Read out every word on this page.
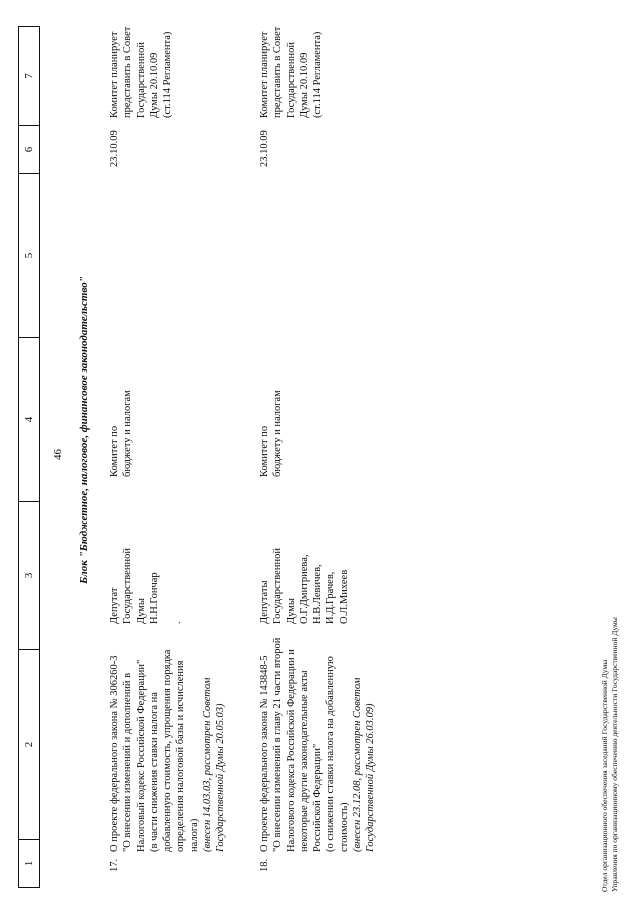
1
2
3
4
5
6
7
46 Блок "Бюджетное, налоговое, финансовое законодательство"
17.
О проекте федерального закона № 306260-3 "О внесении изменений и дополнений в Налоговый кодекс Российской Федерации" (в части снижения ставки налога на добавленную стоимость, упрощения порядка определения налоговой базы и исчисления налога) (внесен 14.03.03, рассмотрен Советом Государственной Думы 20.05.03)
Депутат Государственной Думы Н.Н.Гончар
Комитет по бюджету и налогам
23.10.09
Комитет планирует представить в Совет Государственной Думы 20.10.09 (ст.114 Регламента)
.
18.
О проекте федерального закона № 143848-5 "О внесении изменений в главу 21 части второй Налогового кодекса Российской Федерации и некоторые другие законодательные акты Российской Федерации" (о снижении ставки налога на добавленную стоимость) (внесен 23.12.08, рассмотрен Советом Государственной Думы 26.03.09)
Депутаты Государственной Думы О.Г.Дмитриева, Н.В.Левичев, И.Д.Грачев, О.Л.Михеев
Комитет по бюджету и налогам
23.10.09
Комитет планирует представить в Совет Государственной Думы 20.10.09 (ст.114 Регламента)
Отдел организационного обеспечения заседаний Государственной Думы Управления по организационному обеспечению деятельности Государственной Думы
